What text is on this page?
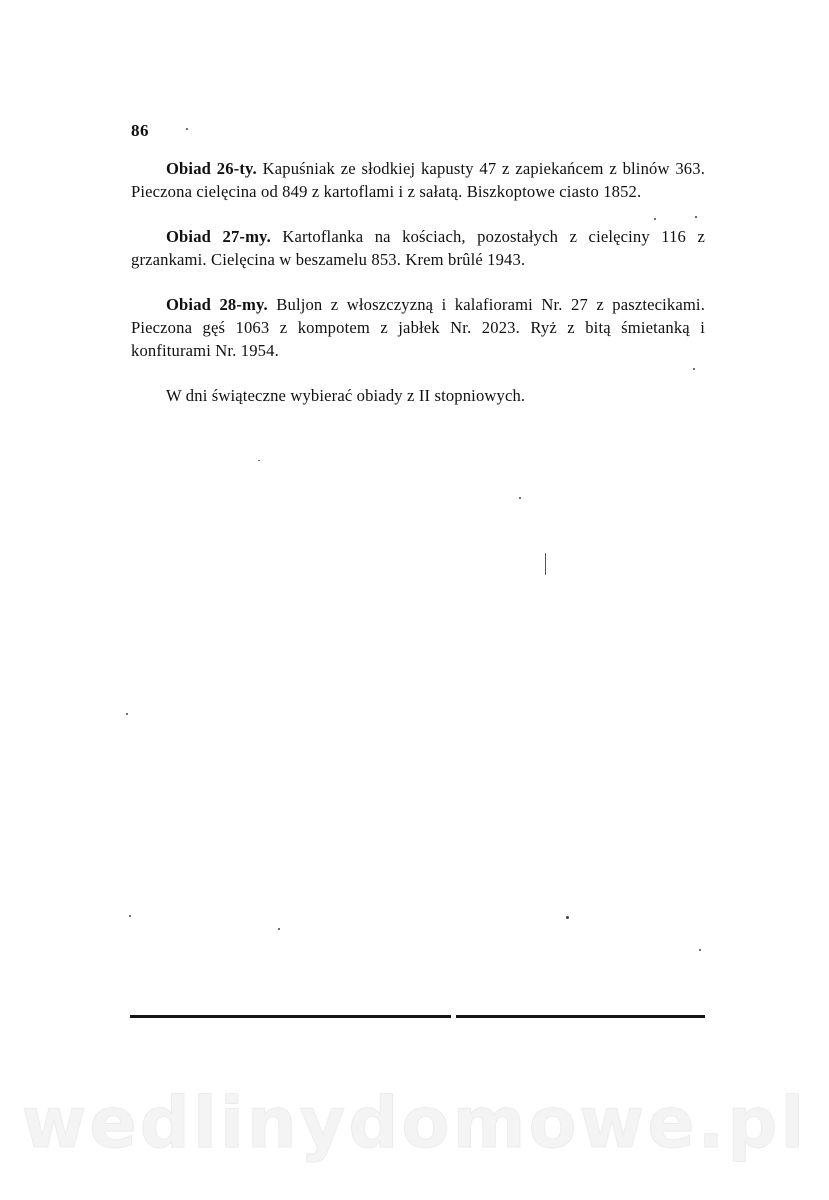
86

Obiad 26-ty. Kapuśniak ze słodkiej kapusty 47 z zapiekańcem z blinów 363. Pieczona cielęcina od 849 z kartoflami i z sałatą. Biszkoptowe ciasto 1852.

Obiad 27-my. Kartoflanka na kościach, pozostałych z cielęciny 116 z grzankami. Cielęcina w beszamelu 853. Krem brûlé 1943.

Obiad 28-my. Buljon z włoszczyzną i kalafiorami Nr. 27 z pasztecikami. Pieczona gęś 1063 z kompotem z jabłek Nr. 2023. Ryż z bitą śmietanką i konfiturami Nr. 1954.

W dni świąteczne wybierać obiady z II stopniowych.

wedlinydomowe.pl
